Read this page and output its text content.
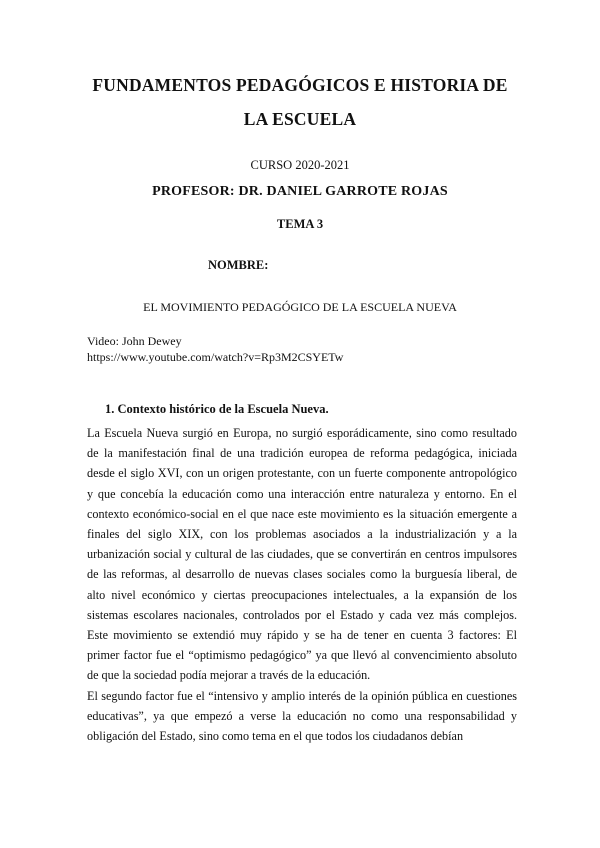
FUNDAMENTOS PEDAGÓGICOS E HISTORIA DE
LA ESCUELA
CURSO 2020-2021
PROFESOR: DR. DANIEL GARROTE ROJAS
TEMA 3
NOMBRE:
EL MOVIMIENTO PEDAGÓGICO DE LA ESCUELA NUEVA
Video: John Dewey
https://www.youtube.com/watch?v=Rp3M2CSYETw
1. Contexto histórico de la Escuela Nueva.

La Escuela Nueva surgió en Europa, no surgió esporádicamente, sino como resultado de la manifestación final de una tradición europea de reforma pedagógica, iniciada desde el siglo XVI, con un origen protestante, con un fuerte componente antropológico y que concebía la educación como una interacción entre naturaleza y entorno. En el contexto económico-social en el que nace este movimiento es la situación emergente a finales del siglo XIX, con los problemas asociados a la industrialización y a la urbanización social y cultural de las ciudades, que se convertirán en centros impulsores de las reformas, al desarrollo de nuevas clases sociales como la burguesía liberal, de alto nivel económico y ciertas preocupaciones intelectuales, a la expansión de los sistemas escolares nacionales, controlados por el Estado y cada vez más complejos. Este movimiento se extendió muy rápido y se ha de tener en cuenta 3 factores: El primer factor fue el “optimismo pedagógico” ya que llevó al convencimiento absoluto de que la sociedad podía mejorar a través de la educación.

El segundo factor fue el “intensivo y amplio interés de la opinión pública en cuestiones educativas”, ya que empezó a verse la educación no como una responsabilidad y obligación del Estado, sino como tema en el que todos los ciudadanos debían
